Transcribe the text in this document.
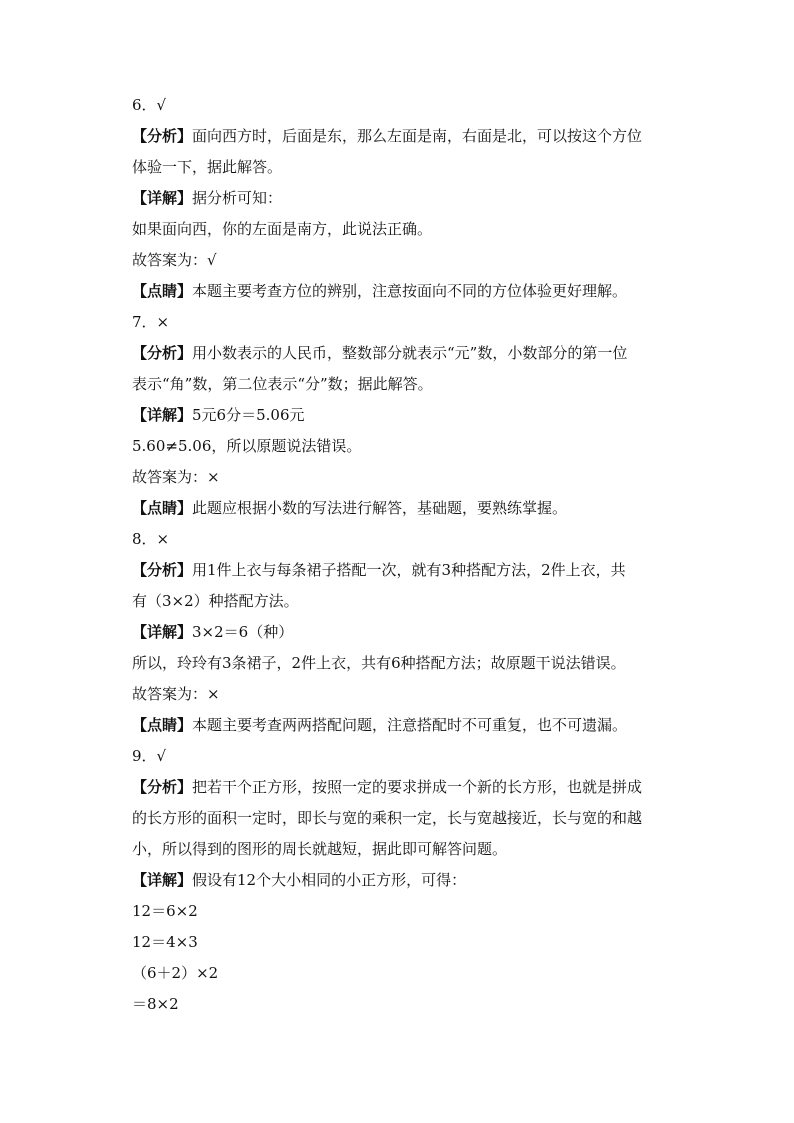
6．√
【分析】面向西方时，后面是东，那么左面是南，右面是北，可以按这个方位
体验一下，据此解答。
【详解】据分析可知：
如果面向西，你的左面是南方，此说法正确。
故答案为：√
【点睛】本题主要考查方位的辨别，注意按面向不同的方位体验更好理解。
7．×
【分析】用小数表示的人民币，整数部分就表示“元”数，小数部分的第一位
表示“角”数，第二位表示“分”数；据此解答。
【详解】5元6分＝5.06元
5.60≠5.06，所以原题说法错误。
故答案为：×
【点睛】此题应根据小数的写法进行解答，基础题，要熟练掌握。
8．×
【分析】用1件上衣与每条裙子搭配一次，就有3种搭配方法，2件上衣，共
有（3×2）种搭配方法。
【详解】3×2＝6（种）
所以，玲玲有3条裙子，2件上衣，共有6种搭配方法；故原题干说法错误。
故答案为：×
【点睛】本题主要考查两两搭配问题，注意搭配时不可重复，也不可遗漏。
9．√
【分析】把若干个正方形，按照一定的要求拼成一个新的长方形，也就是拼成
的长方形的面积一定时，即长与宽的乘积一定，长与宽越接近，长与宽的和越
小，所以得到的图形的周长就越短，据此即可解答问题。
【详解】假设有12个大小相同的小正方形，可得：
12＝6×2
12＝4×3
（6＋2）×2
＝8×2
